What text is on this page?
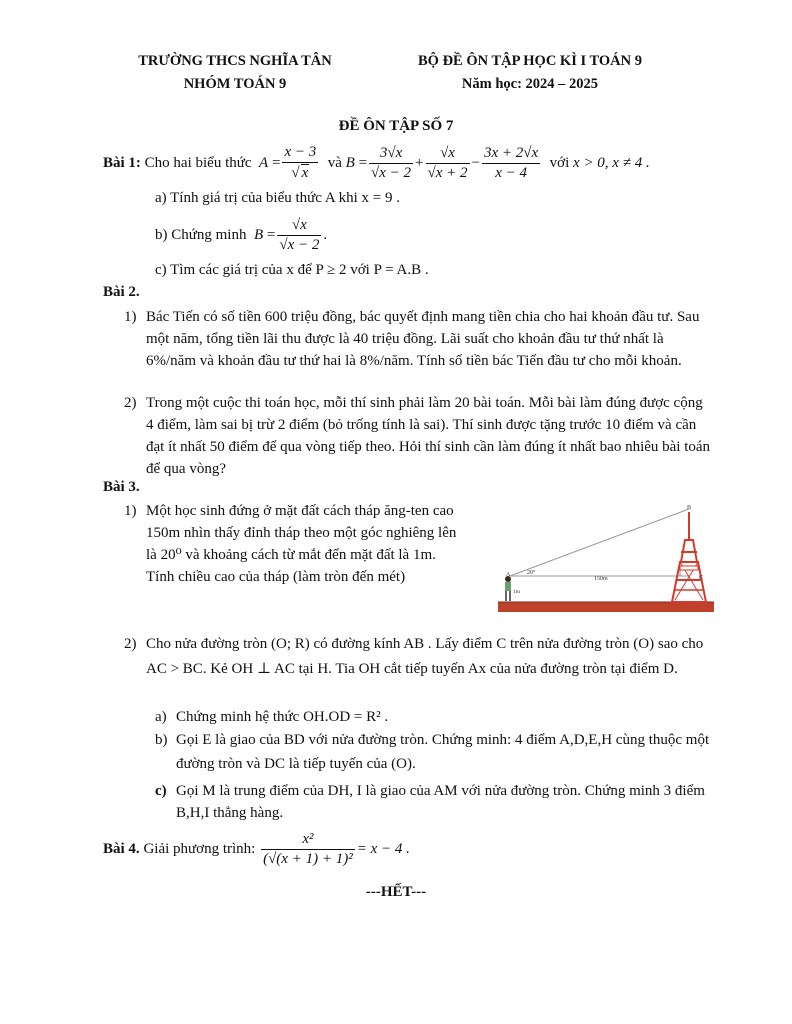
TRƯỜNG THCS NGHĨA TÂN
NHÓM TOÁN 9
BỘ ĐỀ ÔN TẬP HỌC KÌ I TOÁN 9
Năm học: 2024 – 2025
ĐỀ ÔN TẬP SỐ 7
Bài 1:
Cho hai biểu thức
$A = \frac{x - 3}{√ x}$
và
$B = \frac{3√x}{√x - 2} + \frac{√x}{√x + 2} - \frac{3x + 2√x}{x - 4}$
với
x > 0, x ≠ 4 .
a) Tính giá trị của biểu thức A khi x = 9 .
b) Chứng minh
$B = \frac{√x}{√x - 2}$ .
c) Tìm các giá trị của x để P ≥ 2 với P = A.B .
Bài 2.
1) Bác Tiến có số tiền 600 triệu đồng, bác quyết định mang tiền chia cho hai khoản đầu tư. Sau một năm, tổng tiền lãi thu được là 40 triệu đồng. Lãi suất cho khoản đầu tư thứ nhất là 6%/năm và khoản đầu tư thứ hai là 8%/năm. Tính số tiền bác Tiến đầu tư cho mỗi khoản.
2) Trong một cuộc thi toán học, mỗi thí sinh phải làm 20 bài toán. Mỗi bài làm đúng được cộng 4 điểm, làm sai bị trừ 2 điểm (bỏ trống tính là sai). Thí sinh được tặng trước 10 điểm và cần đạt ít nhất 50 điểm để qua vòng tiếp theo. Hỏi thí sinh cần làm đúng ít nhất bao nhiêu bài toán để qua vòng?
Bài 3.
1) Một học sinh đứng ở mặt đất cách tháp ăng-ten cao
150m nhìn thấy đỉnh tháp theo một góc nghiêng lên
là 20⁰ và khoảng cách từ mắt đến mặt đất là 1m.
Tính chiều cao của tháp (làm tròn đến mét)
B
A	C
20°
150m
1m
2) Cho nửa đường tròn (O; R) có đường kính AB . Lấy điểm C trên nửa đường tròn (O) sao cho AC > BC. Kẻ OH ⊥ AC tại H. Tia OH cắt tiếp tuyến Ax của nửa đường tròn tại điểm D.
a) Chứng minh hệ thức OH.OD = R² .
b) Gọi E là giao của BD với nửa đường tròn. Chứng minh: 4 điểm A,D,E,H cùng thuộc một đường tròn và DC là tiếp tuyến của (O).
c) Gọi M là trung điểm của DH, I là giao của AM với nửa đường tròn. Chứng minh 3 điểm B,H,I thẳng hàng.
Bài 4.
Giải phương trình:
$\frac{\text{x²}}{\text{(√(x + 1) + 1)²}} = x - 4$ .
---HẾT---
